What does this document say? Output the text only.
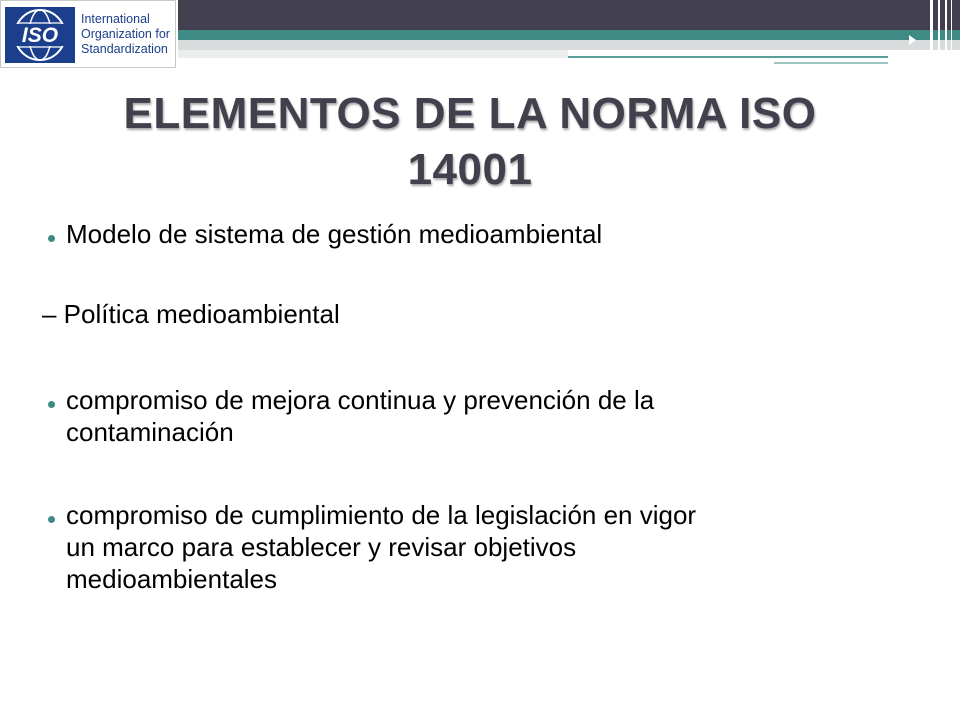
ISO
International
Organization for
Standardization
ELEMENTOS DE LA NORMA ISO
14001
Modelo de sistema de gestión medioambiental
– Política medioambiental
compromiso de mejora continua y prevención de la
contaminación
compromiso de cumplimiento de la legislación en vigor
un marco para establecer y revisar objetivos
medioambientales
